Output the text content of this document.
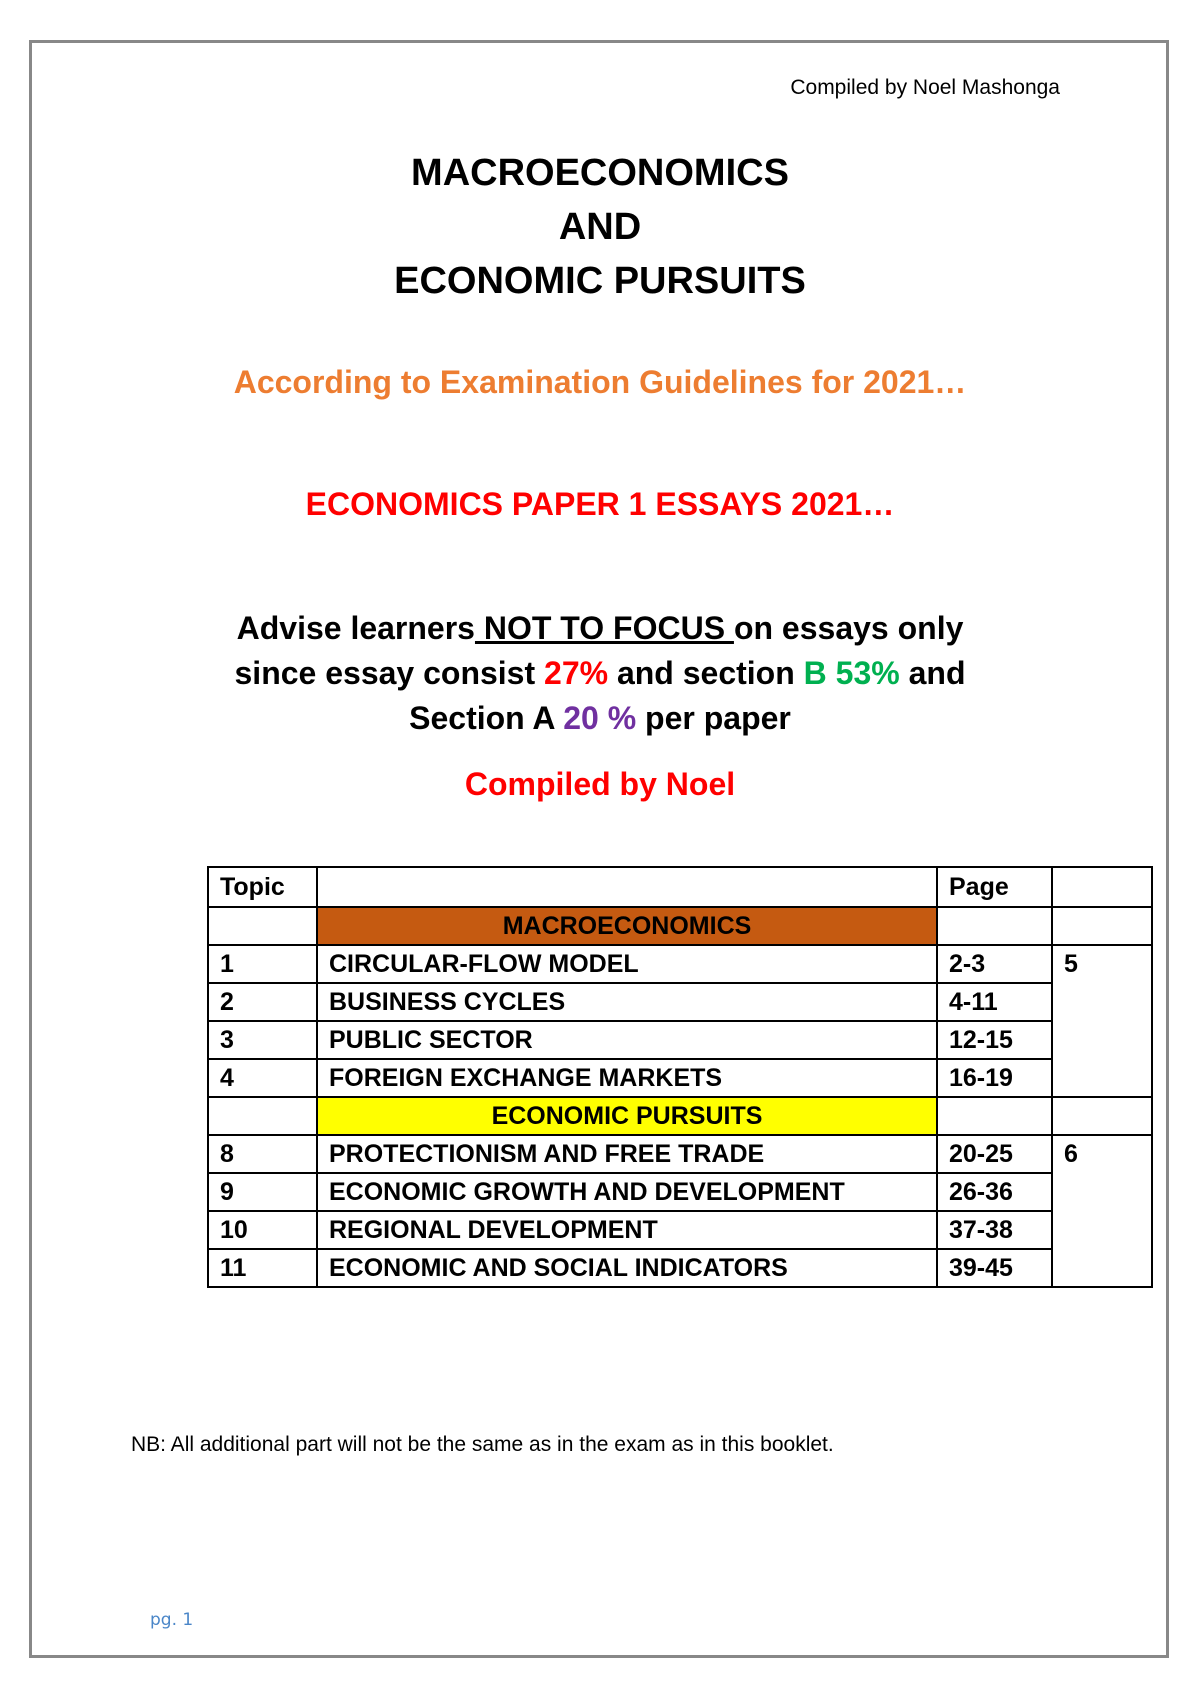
Compiled by Noel Mashonga
MACROECONOMICS
AND
ECONOMIC PURSUITS
According to Examination Guidelines for 2021…
ECONOMICS PAPER 1 ESSAYS 2021…
Advise learners NOT TO FOCUS on essays only
since essay consist 27% and section B 53% and
Section A 20 % per paper
Compiled by Noel
Topic		Page	
	MACROECONOMICS		
1	CIRCULAR-FLOW MODEL	2-3	5
2	BUSINESS CYCLES	4-11	
3	PUBLIC SECTOR	12-15	
4	FOREIGN EXCHANGE MARKETS	16-19	
	ECONOMIC PURSUITS		
8	PROTECTIONISM AND FREE TRADE	20-25	6
9	ECONOMIC GROWTH AND DEVELOPMENT	26-36	
10	REGIONAL DEVELOPMENT	37-38	
11	ECONOMIC AND SOCIAL INDICATORS	39-45	
NB: All additional part will not be the same as in the exam as in this booklet.
pg. 1
